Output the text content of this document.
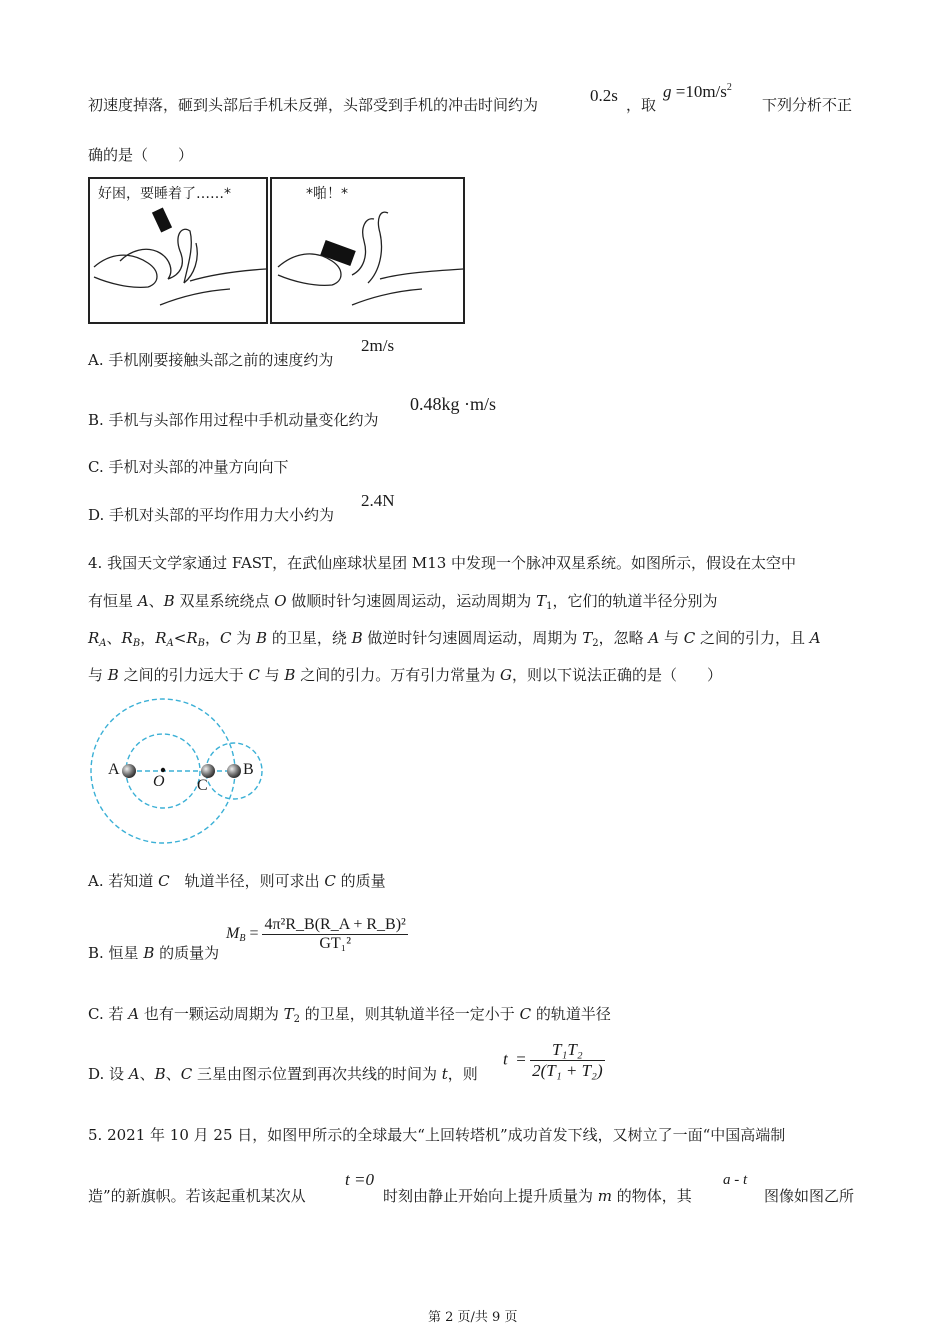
初速度掉落，砸到头部后手机未反弹，头部受到手机的冲击时间约为	0.2s ，取
$g =10m/s^2$
下列分析不正
确的是（　　）
好困，要睡着了……*	*啪！*
A. 手机刚要接触头部之前的速度约为
2m/s
B. 手机与头部作用过程中手机动量变化约为
0.48kg ·m/s
C. 手机对头部的冲量方向向下
D. 手机对头部的平均作用力大小约为
2.4N
4. 我国天文学家通过 FAST，在武仙座球状星团 M13 中发现一个脉冲双星系统。如图所示，假设在太空中
有恒星 A、B 双星系统绕点 O 做顺时针匀速圆周运动，运动周期为 $T_1$，它们的轨道半径分别为
$R_A$、$R_B$，$R_A<R_B$，C 为 B 的卫星，绕 B 做逆时针匀速圆周运动，周期为 $T_2$，忽略 A 与 C 之间的引力，且 A
与 B 之间的引力远大于 C 与 B 之间的引力。万有引力常量为 G，则以下说法正确的是（　　）
A
O C
B
A. 若知道 C　轨道半径，则可求出 C 的质量
B. 恒星 B 的质量为
$M_B = \frac{\text{4π²R\_B(R\_A + R\_B)²}}{\text{GT₁²}}$
C. 若 A 也有一颗运动周期为 $T_2$ 的卫星，则其轨道半径一定小于 C 的轨道半径
D. 设 A、B、C 三星由图示位置到再次共线的时间为 t，则
$t = \frac{\text{T₁T₂}}{\text{2(T₁ + T₂)}}$
5. 2021 年 10 月 25 日，如图甲所示的全球最大“上回转塔机”成功首发下线，又树立了一面“中国高端制
造”的新旗帜。若该起重机某次从
t =0
时刻由静止开始向上提升质量为 m 的物体，其
a - t
图像如图乙所
第 2 页/共 9 页
